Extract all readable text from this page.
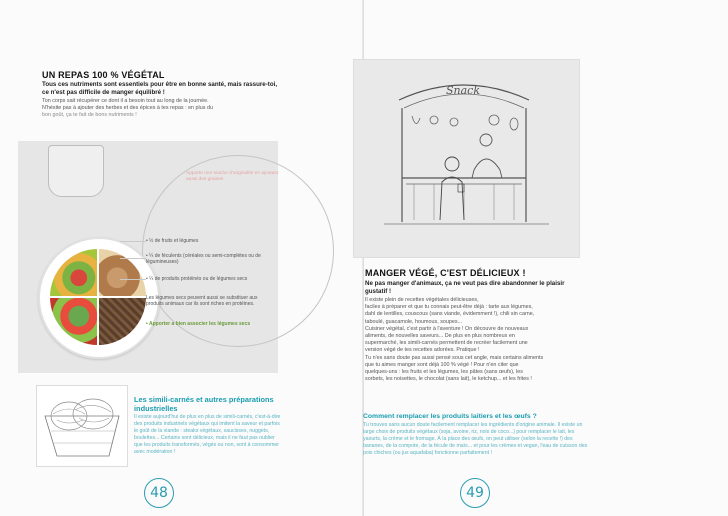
UN REPAS 100 % VÉGÉTAL
Tous ces nutriments sont essentiels pour être en bonne santé, mais rassure-toi, ce n'est pas difficile de manger équilibré !
Ton corps sait récupérer ce dont il a besoin tout au long de la journée.
N'hésite pas à ajouter des herbes et des épices à tes repas : en plus du
bon goût, ça te fait de bons nutriments !
Apporte une touche d'originalité en ajoutant aussi des graines
• ½ de fruits et légumes
• ¼ de féculents (céréales ou semi-complètes ou de légumineuses)
• ¼ de produits protéinés ou de légumes secs
Les légumes secs peuvent aussi se substituer aux produits animaux car ils sont riches en protéines.
• Apporter a bien associer les légumes secs
Les simili-carnés et autres préparations industrielles
Il existe aujourd'hui de plus en plus de simili-carnés, c'est-à-dire des produits industriels végétaux qui imitent la saveur et parfois le goût de la viande : steaks végétaux, saucisses, nuggets, boulettes... Certains sont délicieux, mais il ne faut pas oublier que les produits transformés, végés ou non, sont à consommer avec modération !
48	49
Snack
MANGER VÉGÉ, C'EST DÉLICIEUX !
Ne pas manger d'animaux, ça ne veut pas dire abandonner le plaisir gustatif !
Il existe plein de recettes végétales délicieuses,
faciles à préparer et que tu connais peut-être déjà : tarte aux légumes,
dahl de lentilles, couscous (sans viande, évidemment !), chili sin carne,
taboulé, guacamole, houmous, soupes...
Cuisiner végétal, c'est partir à l'aventure ! On découvre de nouveaux
aliments, de nouvelles saveurs... De plus en plus nombreux en
supermarché, les simili-carnés permettent de recréer facilement une
version végé de tes recettes adorées. Pratique !
Tu n'es sans doute pas aussi pensé sous cet angle, mais certains aliments
que tu aimes manger sont déjà 100 % végé ! Pour n'en citer que
quelques-uns : les fruits et les légumes, les pâtes (sans œufs), les
sorbets, les noisettes, le chocolat (sans lait), le ketchup... et les frites !
Comment remplacer les produits laitiers et les œufs ?
Tu trouves sans aucun doute facilement remplacer les ingrédients d'origine animale. Il existe un large choix de produits végétaux (soja, avoine, riz, noix de coco...) pour remplacer le lait, les yaourts, la crème et le fromage. À la place des œufs, on peut utiliser (selon la recette !) des bananes, de la compote, de la fécule de maïs... et pour les crèmes et vegan, l'eau de cuisson des pois chiches (ou jus aquafaba) fonctionne parfaitement !
